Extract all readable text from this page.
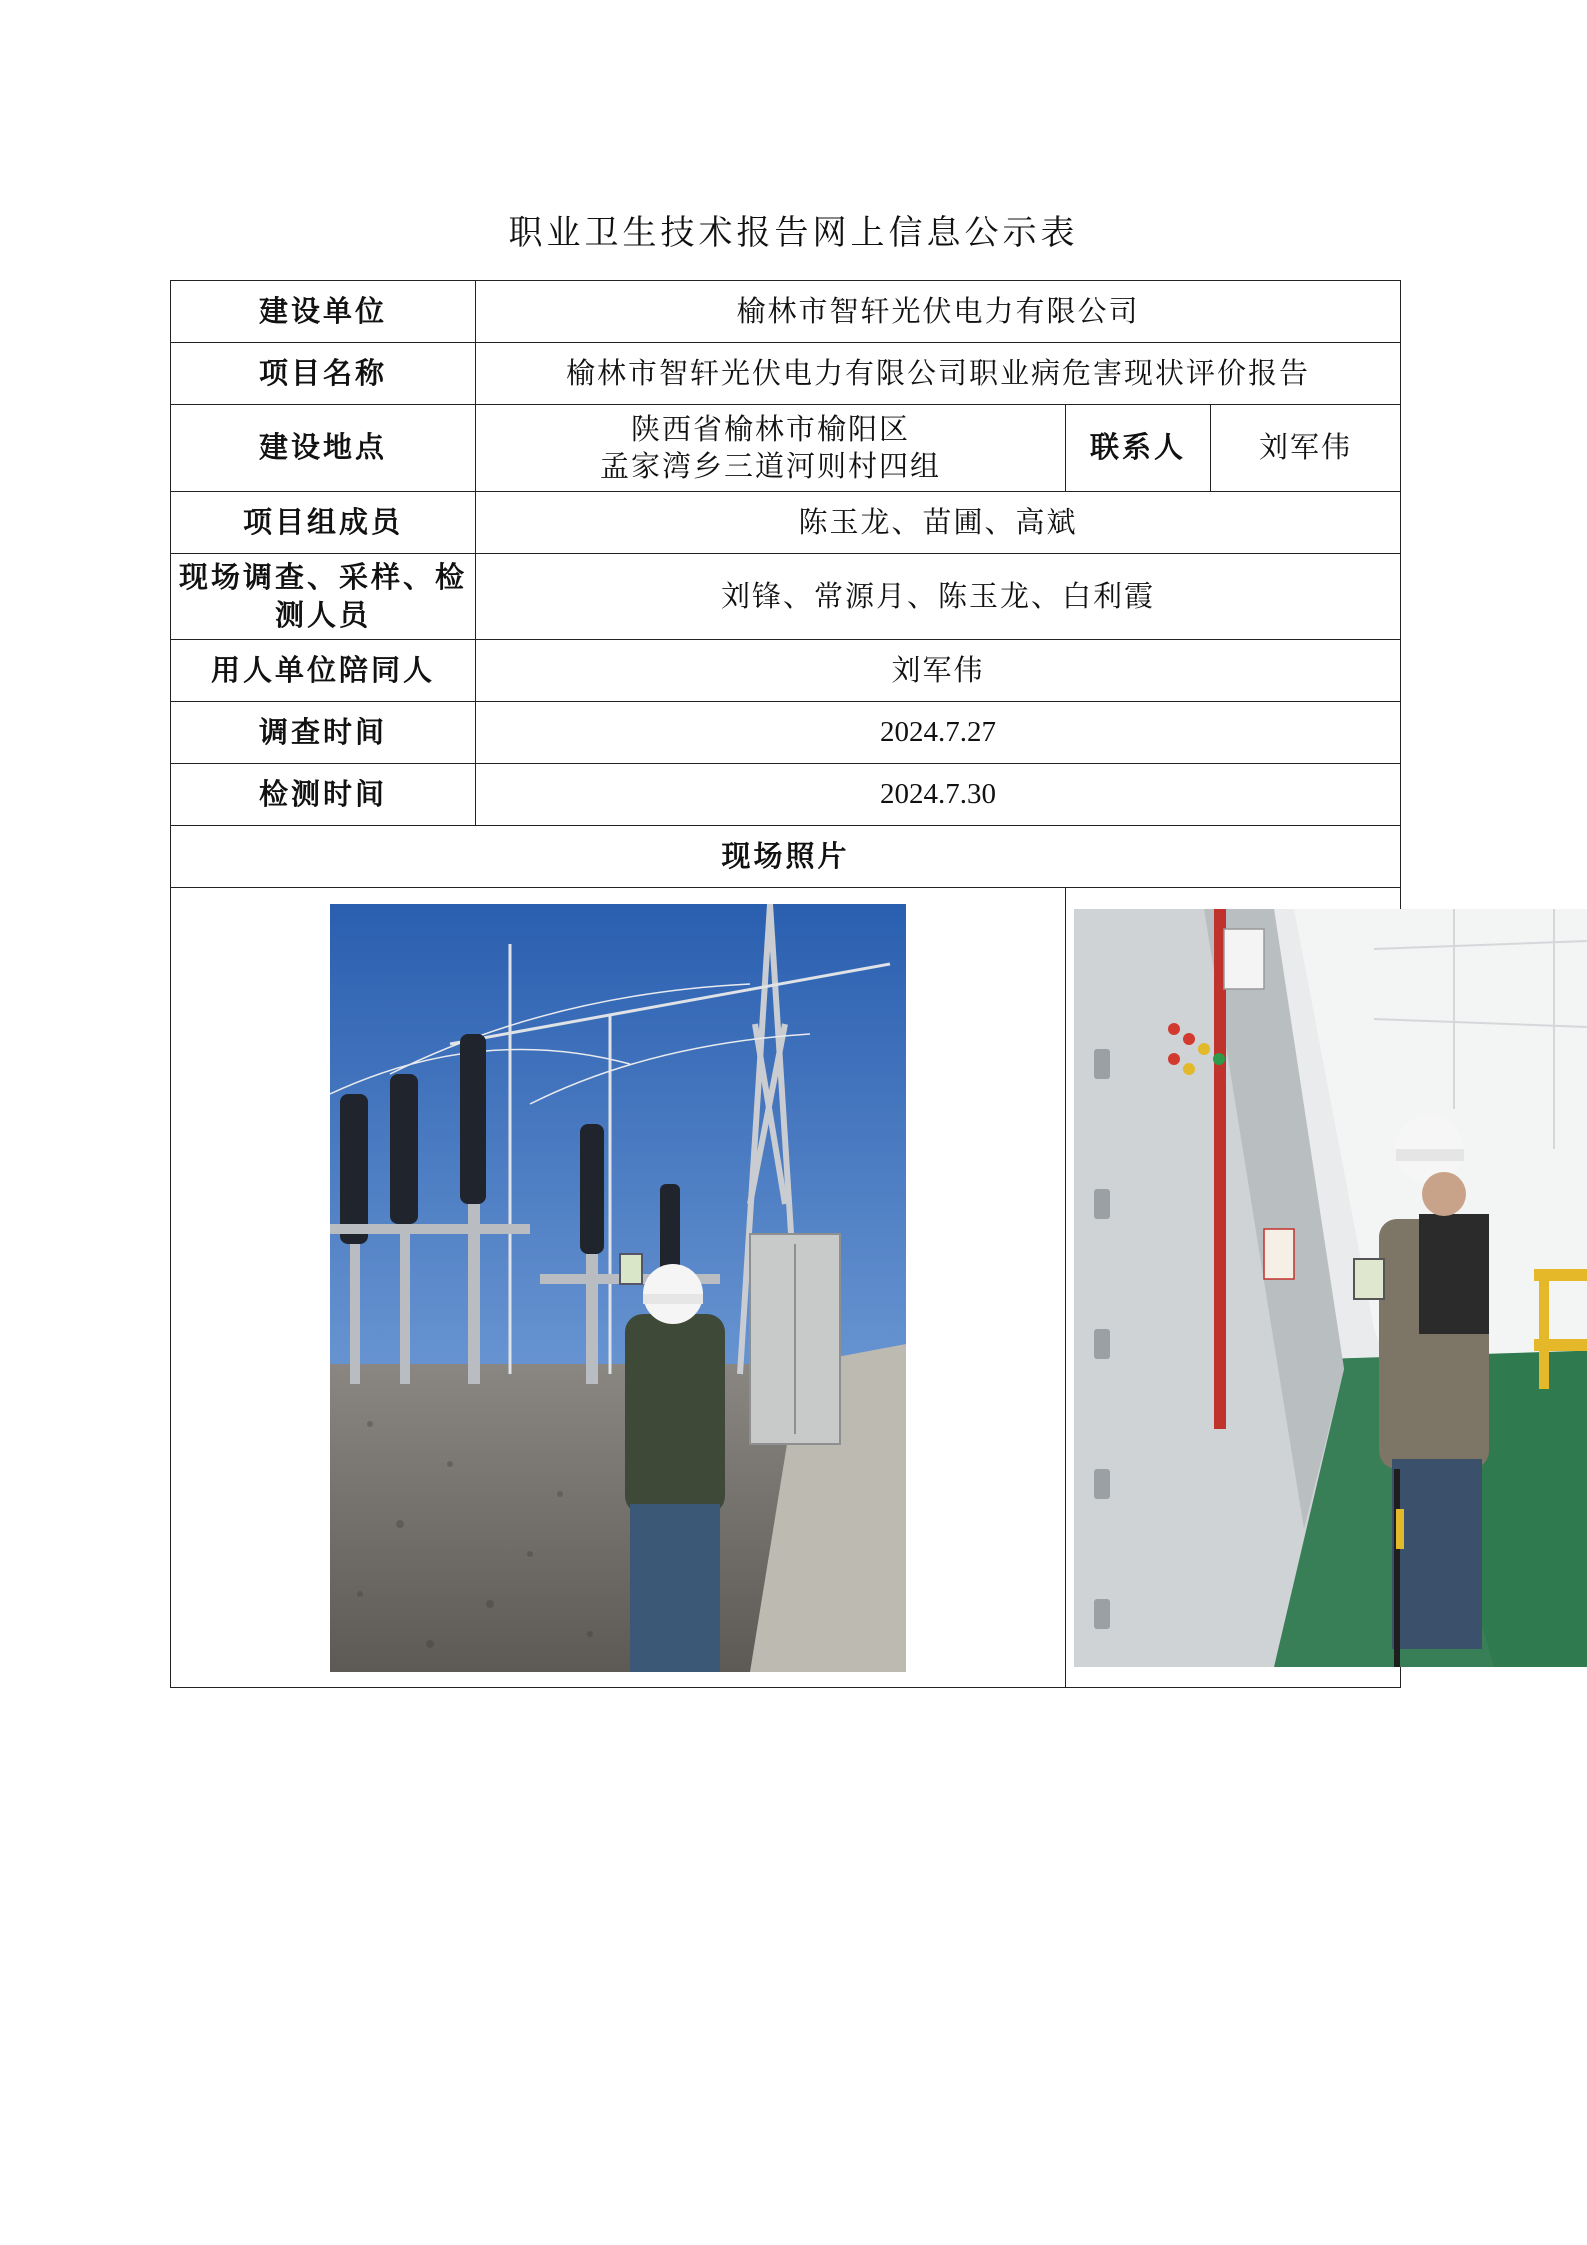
职业卫生技术报告网上信息公示表
建设单位	榆林市智轩光伏电力有限公司		
项目名称	榆林市智轩光伏电力有限公司职业病危害现状评价报告		
建设地点	陕西省榆林市榆阳区
孟家湾乡三道河则村四组	联系人	刘军伟
项目组成员	陈玉龙、苗圃、高斌		

现场调查、采样、检
测人员	刘锋、常源月、陈玉龙、白利霞		
用人单位陪同人	刘军伟		
调查时间	2024.7.27		
检测时间	2024.7.30		
现场照片			
